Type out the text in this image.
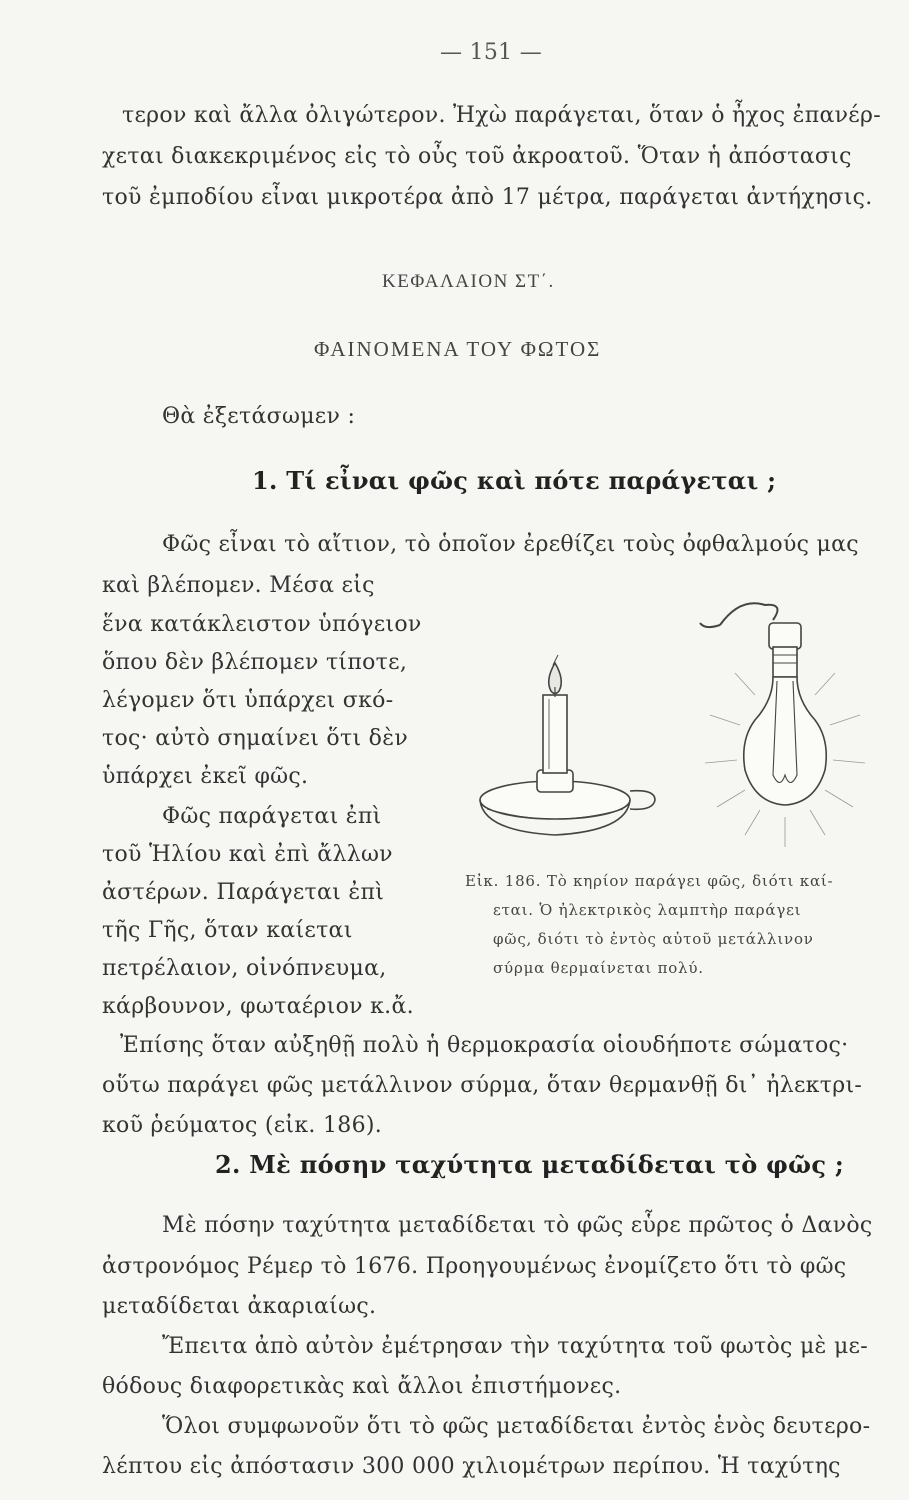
— 151 —
τερον καὶ ἄλλα ὀλιγώτερον. Ἠχὼ παράγεται, ὅταν ὁ ἦχος ἐπανέρ-
χεται διακεκριμένος εἰς τὸ οὖς τοῦ ἀκροατοῦ. Ὅταν ἡ ἀπόστασις
τοῦ ἐμποδίου εἶναι μικροτέρα ἀπὸ 17 μέτρα, παράγεται ἀντήχησις.
ΚΕΦΑΛΑΙΟΝ ΣΤ΄.
ΦΑΙΝΟΜΕΝΑ ΤΟΥ ΦΩΤΟΣ
Θὰ ἐξετάσωμεν :
1. Τί εἶναι φῶς καὶ πότε παράγεται ;
Φῶς εἶναι τὸ αἴτιον, τὸ ὁποῖον ἐρεθίζει τοὺς ὀφθαλμούς μας
καὶ βλέπομεν. Μέσα εἰς
ἕνα κατάκλειστον ὑπόγειον
ὅπου δὲν βλέπομεν τίποτε,
λέγομεν ὅτι ὑπάρχει σκό-
τος· αὐτὸ σημαίνει ὅτι δὲν
ὑπάρχει ἐκεῖ φῶς.
Φῶς παράγεται ἐπὶ
τοῦ Ἡλίου καὶ ἐπὶ ἄλλων
ἀστέρων. Παράγεται ἐπὶ
τῆς Γῆς, ὅταν καίεται
πετρέλαιον, οἰνόπνευμα,
κάρβουνον, φωταέριον κ.ἄ.
Ἐπίσης ὅταν αὐξηθῇ πολὺ ἡ θερμοκρασία οἱουδήποτε σώματος·
οὕτω παράγει φῶς μετάλλινον σύρμα, ὅταν θερμανθῇ δι᾽ ἠλεκτρι-
κοῦ ῥεύματος (εἰκ. 186).
Εἰκ. 186. Τὸ κηρίον παράγει φῶς, διότι καί-
εται. Ὁ ἠλεκτρικὸς λαμπτὴρ παράγει
φῶς, διότι τὸ ἐντὸς αὐτοῦ μετάλλινον
σύρμα θερμαίνεται πολύ.
2. Μὲ πόσην ταχύτητα μεταδίδεται τὸ φῶς ;
Μὲ πόσην ταχύτητα μεταδίδεται τὸ φῶς εὗρε πρῶτος ὁ Δανὸς
ἀστρονόμος Ρέμερ τὸ 1676. Προηγουμένως ἐνομίζετο ὅτι τὸ φῶς
μεταδίδεται ἀκαριαίως.
Ἔπειτα ἀπὸ αὐτὸν ἐμέτρησαν τὴν ταχύτητα τοῦ φωτὸς μὲ με-
θόδους διαφορετικὰς καὶ ἄλλοι ἐπιστήμονες.
Ὅλοι συμφωνοῦν ὅτι τὸ φῶς μεταδίδεται ἐντὸς ἑνὸς δευτερο-
λέπτου εἰς ἀπόστασιν 300 000 χιλιομέτρων περίπου. Ἡ ταχύτης
